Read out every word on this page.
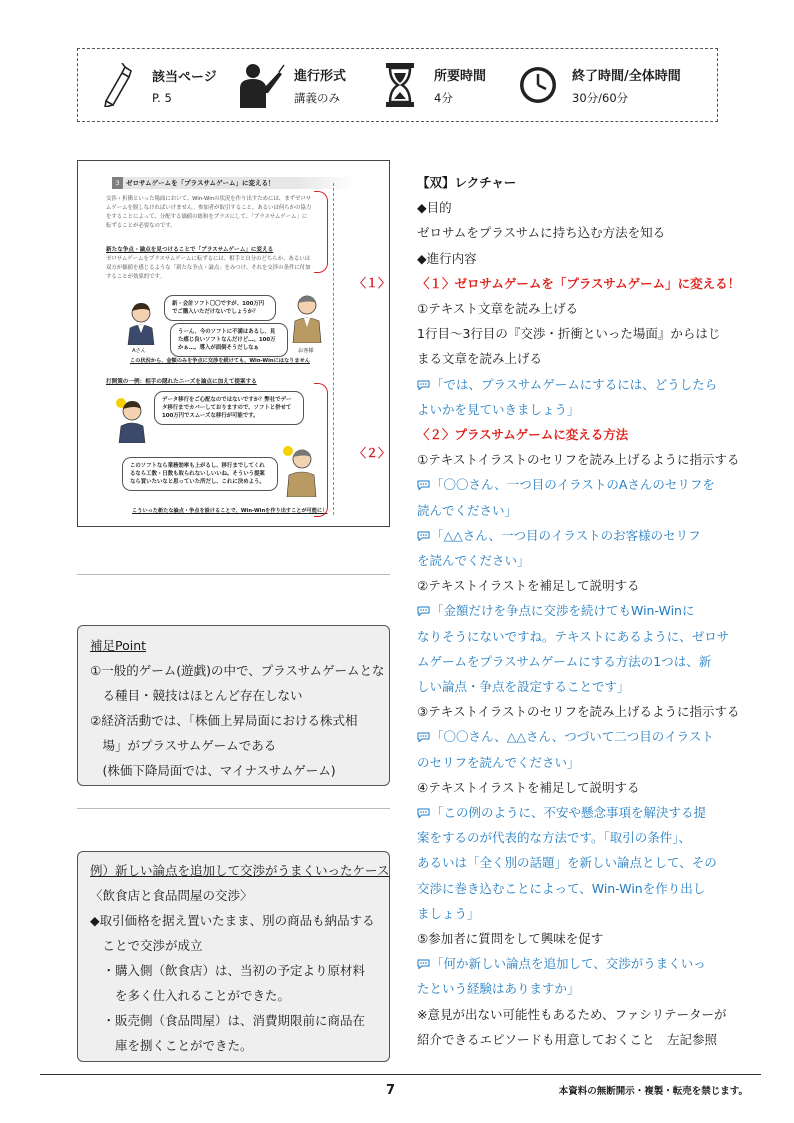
該当ページ
P. 5
進行形式
講義のみ
所要時間
4分
終了時間/全体時間
30分/60分
ゼロサムゲームを「プラスサムゲーム」に変える！
3
交渉・折衝といった場面において、Win-Winの状況を作り出すためには、まずゼロサムゲームを脱しなければいけません。参加者が取引すること、あるいは何らかの協力をすることによって、分配する価値の総和をプラスにして、「プラスサムゲーム」に転ずることが必要なのです。
新たな争点・論点を見つけることで「プラスサムゲーム」に変える
ゼロサムゲームをプラスサムゲームに転ずるには、相手と自分のどちらか、あるいは双方が価値を感じるような「新たな争点・論点」をみつけ、それを交渉の条件に付加することが効果的です。
新・会計ソフト〇〇ですが、100万円でご購入いただけないでしょうか？
うーん、今のソフトに不満はあるし、見た感じ良いソフトなんだけど…。100万かぁ…。導入が面倒そうだしなぁ
Aさん	お客様
この状況から、金額のみを争点に交渉を続けても、Win-Winにはなりません
打開策の一例：相手の隠れたニーズを論点に加えて提案する
データ移行をご心配なのではないですか？弊社でデータ移行までカバーしておりますので、ソフトと併せて100万円でスムーズな移行が可能です。
このソフトなら業務効率も上がるし、移行までしてくれるなら工数・日数も取られないしいいね。そういう提案なら買いたいなと思っていた所だし、これに決めよう。
こういった新たな論点・争点を設けることで、Win-Winを作り出すことが可能に！
〈１〉
〈２〉
補足Point
①一般的ゲーム(遊戯)の中で、プラスサムゲームとな
　る種目・競技はほとんど存在しない
②経済活動では、「株価上昇局面における株式相
　場」がプラスサムゲームである
　(株価下降局面では、マイナスサムゲーム)
例）新しい論点を追加して交渉がうまくいったケース
〈飲食店と食品問屋の交渉〉
◆取引価格を据え置いたまま、別の商品も納品する
　ことで交渉が成立
　・購入側（飲食店）は、当初の予定より原材料
　　を多く仕入れることができた。
　・販売側（食品問屋）は、消費期限前に商品在
　　庫を捌くことができた。
【双】レクチャー
◆目的
ゼロサムをプラスサムに持ち込む方法を知る
◆進行内容
〈１〉ゼロサムゲームを「プラスサムゲーム」に変える！
①テキスト文章を読み上げる
1行目～3行目の『交渉・折衝といった場面』からはじ
まる文章を読み上げる
「では、プラスサムゲームにするには、どうしたら
よいかを見ていきましょう」
〈２〉プラスサムゲームに変える方法
①テキストイラストのセリフを読み上げるように指示する
「〇〇さん、一つ目のイラストのAさんのセリフを
読んでください」
「△△さん、一つ目のイラストのお客様のセリフ
を読んでください」
②テキストイラストを補足して説明する
「金額だけを争点に交渉を続けてもWin-Winに
なりそうにないですね。テキストにあるように、ゼロサ
ムゲームをプラスサムゲームにする方法の1つは、新
しい論点・争点を設定することです」
③テキストイラストのセリフを読み上げるように指示する
「〇〇さん、△△さん、つづいて二つ目のイラスト
のセリフを読んでください」
④テキストイラストを補足して説明する
「この例のように、不安や懸念事項を解決する提
案をするのが代表的な方法です。「取引の条件」、
あるいは「全く別の話題」を新しい論点として、その
交渉に巻き込むことによって、Win-Winを作り出し
ましょう」
⑤参加者に質問をして興味を促す
「何か新しい論点を追加して、交渉がうまくいっ
たという経験はありますか」
※意見が出ない可能性もあるため、ファシリテーターが
紹介できるエピソードも用意しておくこと　左記参照
7	本資料の無断開示・複製・転売を禁じます。
